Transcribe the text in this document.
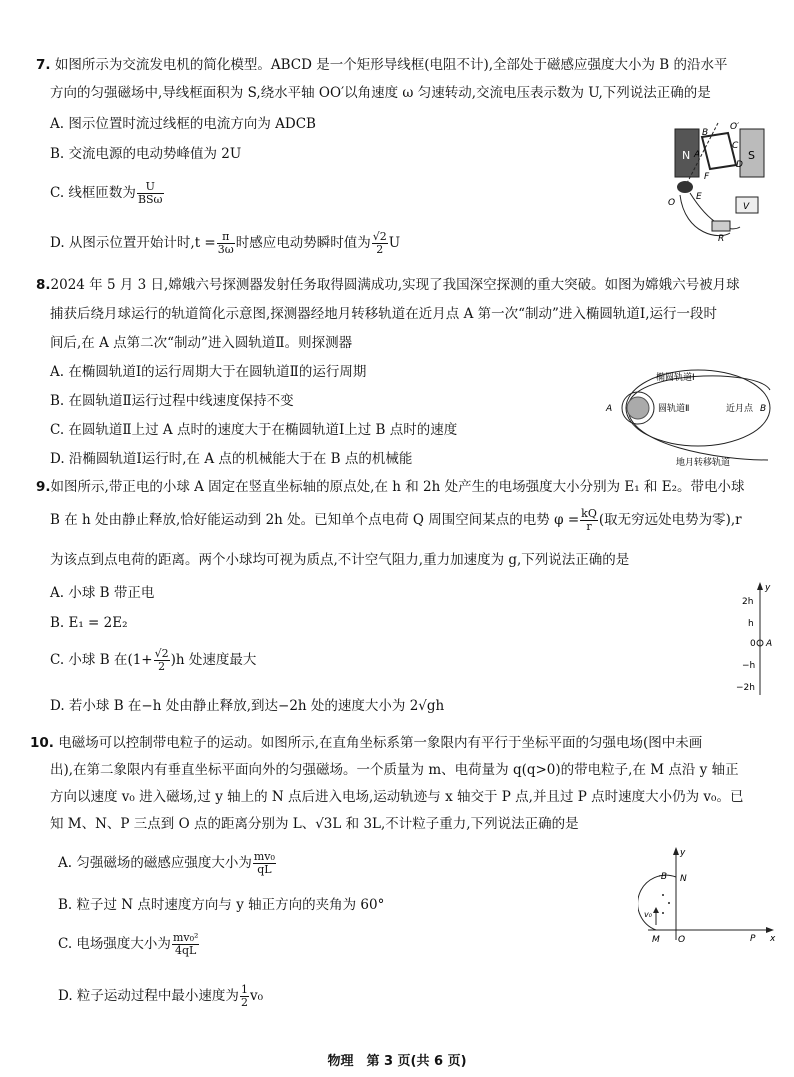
7. 如图所示为交流发电机的简化模型。ABCD 是一个矩形导线框(电阻不计),全部处于磁感应强度大小为 B 的沿水平
方向的匀强磁场中,导线框面积为 S,绕水平轴 OO′以角速度 ω 匀速转动,交流电压表示数为 U,下列说法正确的是
A. 图示位置时流过线框的电流方向为 ADCB
B. 交流电源的电动势峰值为 2U
C. 线框匝数为 $\frac{U}{\text{BSω}}$
D. 从图示位置开始计时$,t = \frac{\pi}{3\omega}$ 时感应电动势瞬时值为 $\frac{√2}{2}$ U
N	S
B
O′
C
D
A
F
E
O	V
R
8.2024 年 5 月 3 日,嫦娥六号探测器发射任务取得圆满成功,实现了我国深空探测的重大突破。如图为嫦娥六号被月球
捕获后绕月球运行的轨道简化示意图,探测器经地月转移轨道在近月点 A 第一次“制动”进入椭圆轨道Ⅰ,运行一段时
间后,在 A 点第二次“制动”进入圆轨道Ⅱ。则探测器
A. 在椭圆轨道Ⅰ的运行周期大于在圆轨道Ⅱ的运行周期
B. 在圆轨道Ⅱ运行过程中线速度保持不变
C. 在圆轨道Ⅱ上过 A 点时的速度大于在椭圆轨道Ⅰ上过 B 点时的速度
D. 沿椭圆轨道Ⅰ运行时,在 A 点的机械能大于在 B 点的机械能
椭圆轨道Ⅰ
圆轨道Ⅱ	近月点 B
A
地月转移轨道
9.如图所示,带正电的小球 A 固定在竖直坐标轴的原点处,在 h 和 2h 处产生的电场强度大小分别为 E₁ 和 E₂。带电小球
B 在 h 处由静止释放,恰好能运动到 2h 处。已知单个点电荷 Q 周围空间某点的电势 $\varphi = \frac{kQ}{r}$ (取无穷远处电势为零),r
为该点到点电荷的距离。两个小球均可视为质点,不计空气阻力,重力加速度为 g,下列说法正确的是
A. 小球 B 带正电
B. E₁ = 2E₂
C. 小球 B 在$(1+ \frac{√2}{2} )h$ 处速度最大
D. 若小球 B 在−h 处由静止释放,到达−2h 处的速度大小为 2√gh
y
2h
h
0 A
−h
−2h
10. 电磁场可以控制带电粒子的运动。如图所示,在直角坐标系第一象限内有平行于坐标平面的匀强电场(图中未画
出),在第二象限内有垂直坐标平面向外的匀强磁场。一个质量为 m、电荷量为 q(q>0)的带电粒子,在 M 点沿 y 轴正
方向以速度 v₀ 进入磁场,过 y 轴上的 N 点后进入电场,运动轨迹与 x 轴交于 P 点,并且过 P 点时速度大小仍为 v₀。已
知 M、N、P 三点到 O 点的距离分别为 L、√3L 和 3L,不计粒子重力,下列说法正确的是
A. 匀强磁场的磁感应强度大小为 $\frac{\text{mv₀}}{qL}$
B. 粒子过 N 点时速度方向与 y 轴正方向的夹角为 60°
C. 电场强度大小为 $\frac{\text{mv₀²}}{4qL}$
D. 粒子运动过程中最小速度为 $\frac{1}{2} v_0$
y
x
v₀
·B N
M O	P
物理　第 3 页(共 6 页)
